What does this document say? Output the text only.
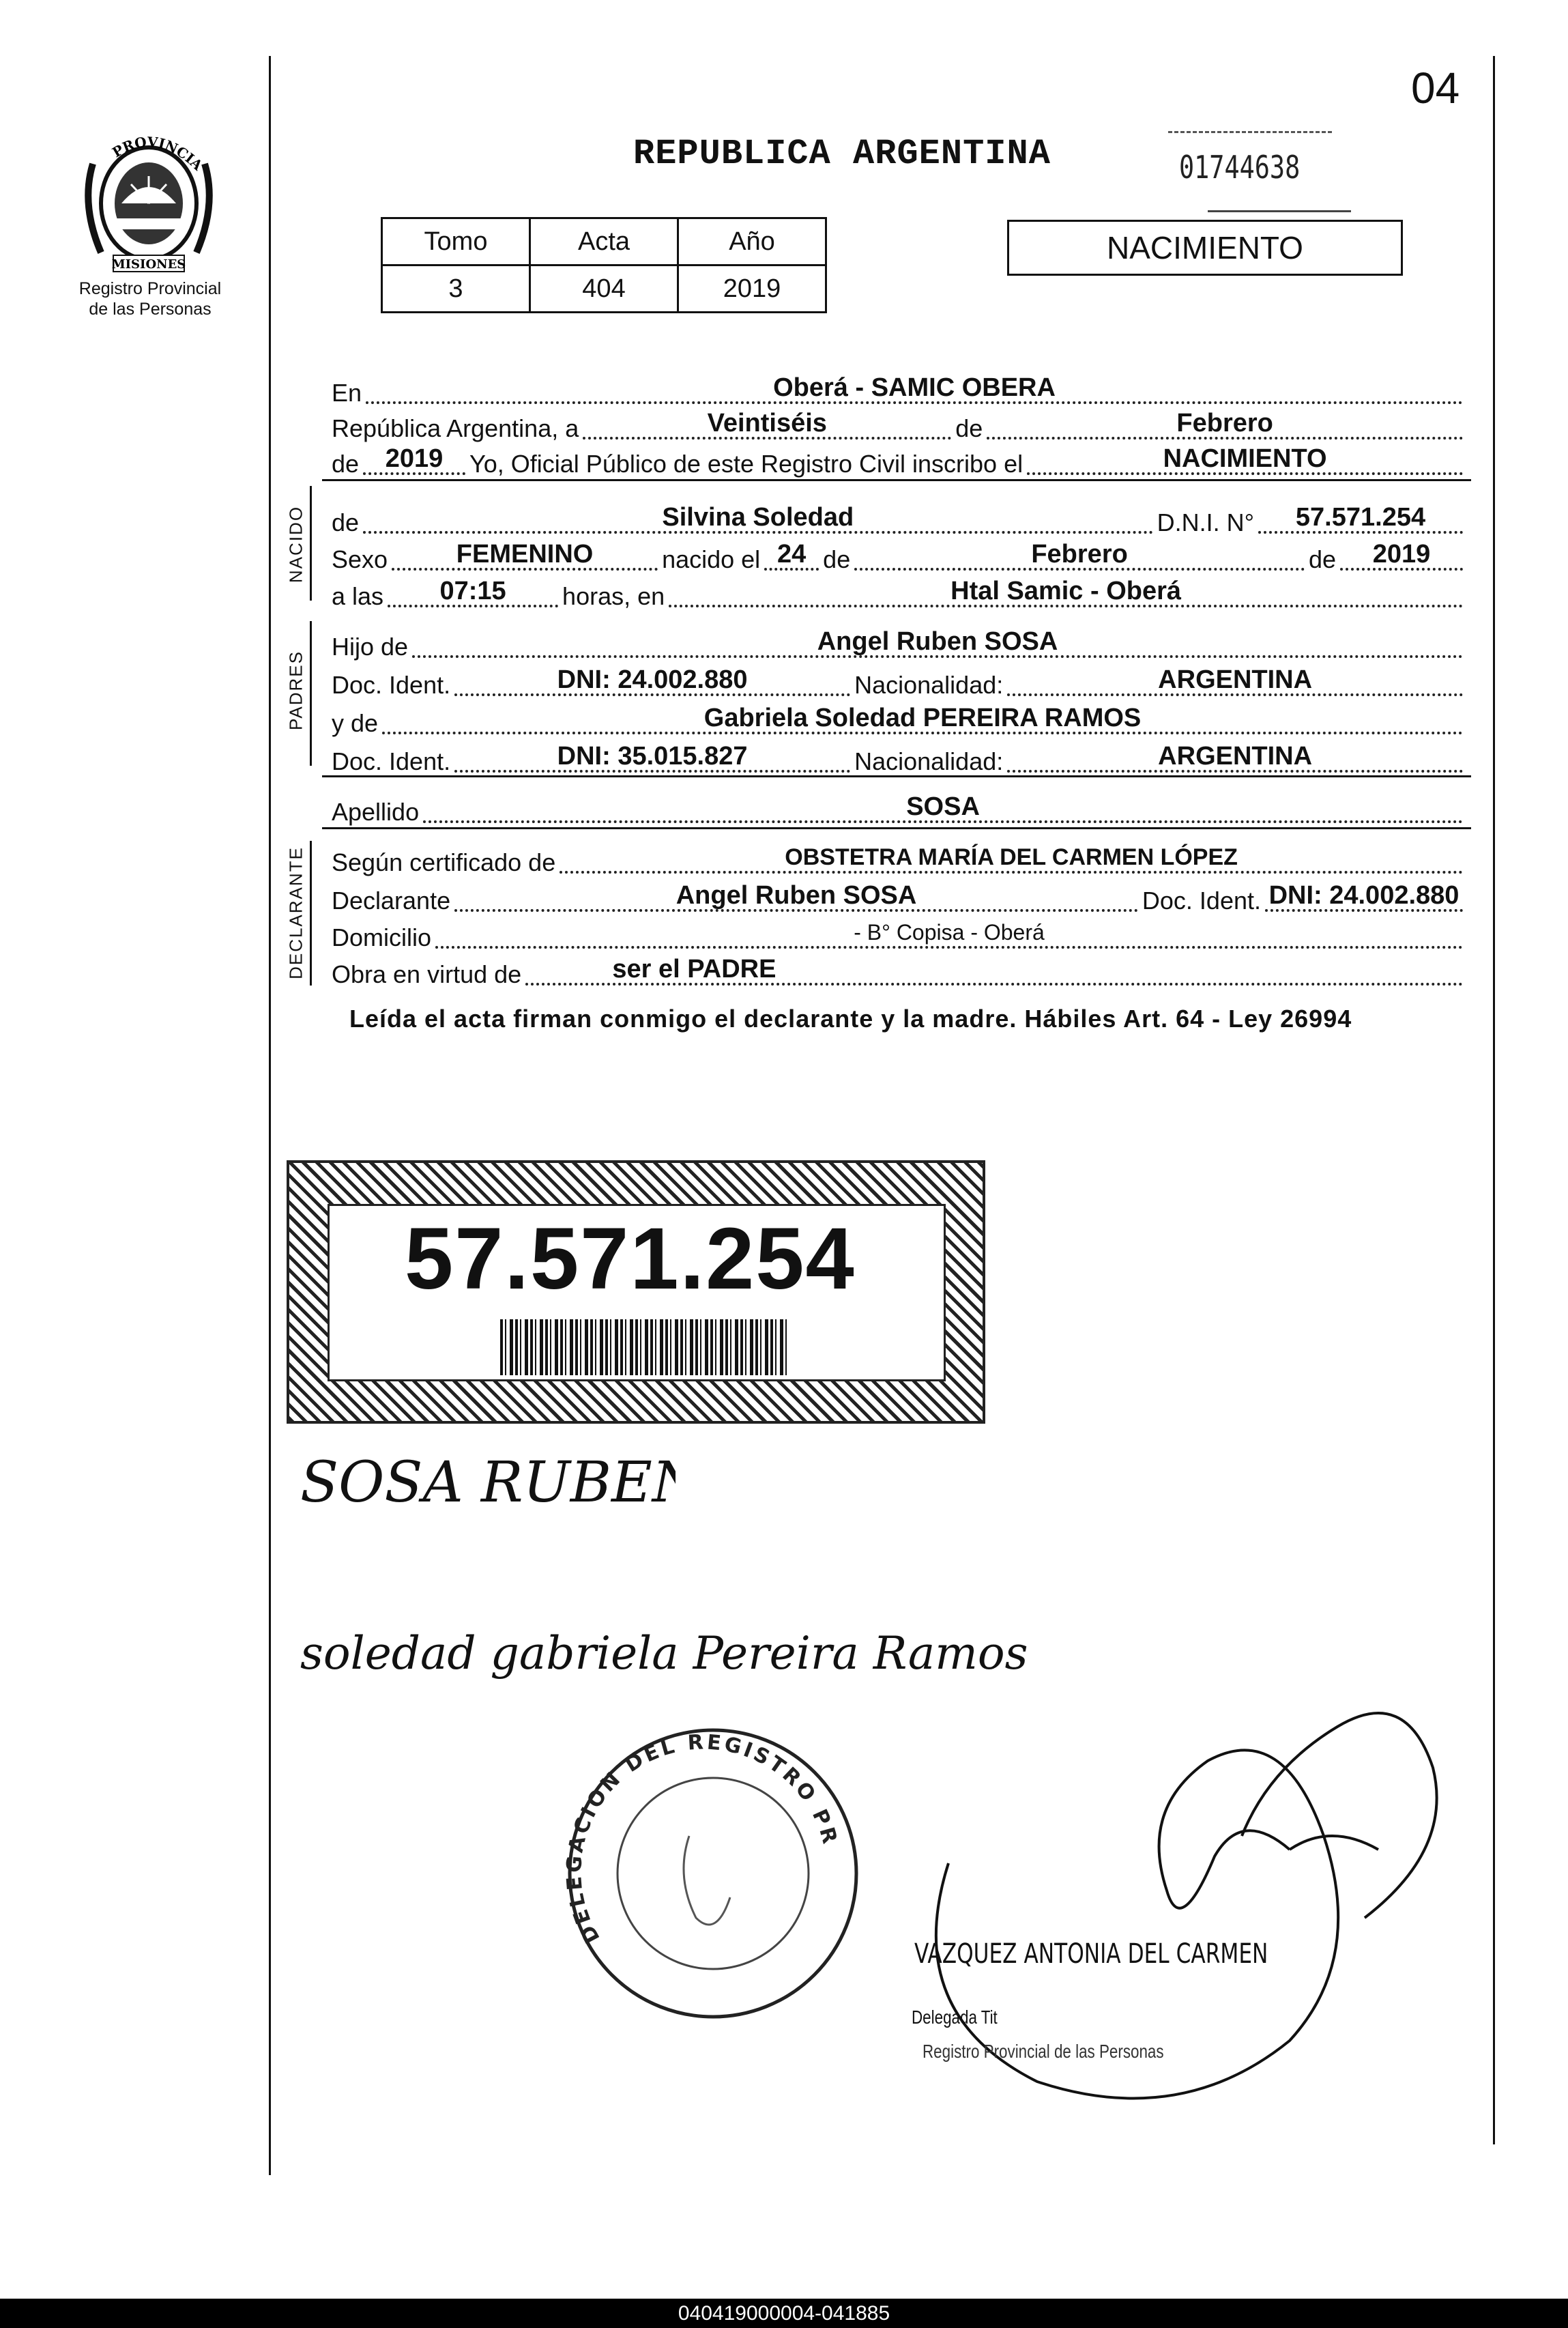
PROVINCIA
MISIONES
Registro Provincial
de las Personas
04
REPUBLICA ARGENTINA	01744638
Tomo	Acta	Año
3	404	2019
NACIMIENTO
En	Oberá - SAMIC OBERA
República Argentina, a	Veintiséis	de	Febrero
de 2019 Yo, Oficial Público de este Registro Civil inscribo el	NACIMIENTO
NACIDO de	Silvina Soledad	D.N.I. N° 57.571.254
Sexo	FEMENINO	nacido el 24 de	Febrero	de 2019
a las 07:15 horas, en	Htal Samic - Oberá
PADRES
Hijo de	Angel Ruben SOSA
Doc. Ident.	DNI: 24.002.880	Nacionalidad:	ARGENTINA
y de	Gabriela Soledad PEREIRA RAMOS
Doc. Ident.	DNI: 35.015.827	Nacionalidad:	ARGENTINA
Apellido	SOSA
DECLARANTE Según certificado de	OBSTETRA MARÍA DEL CARMEN LÓPEZ
Declarante	Angel Ruben SOSA	Doc. Ident. DNI: 24.002.880
Domicilio	- B° Copisa - Oberá
Obra en virtud de	ser el PADRE
Leída el acta firman conmigo el declarante y la madre. Hábiles Art. 64 - Ley 26994
57.571.254
SOSA RUBEN
soledad gabriela Pereira Ramos
DELEGACION DEL REGISTRO PR
VAZQUEZ ANTONIA DEL CARMEN
Delegada Tit
Registro Provincial de las Personas
040419000004-041885
